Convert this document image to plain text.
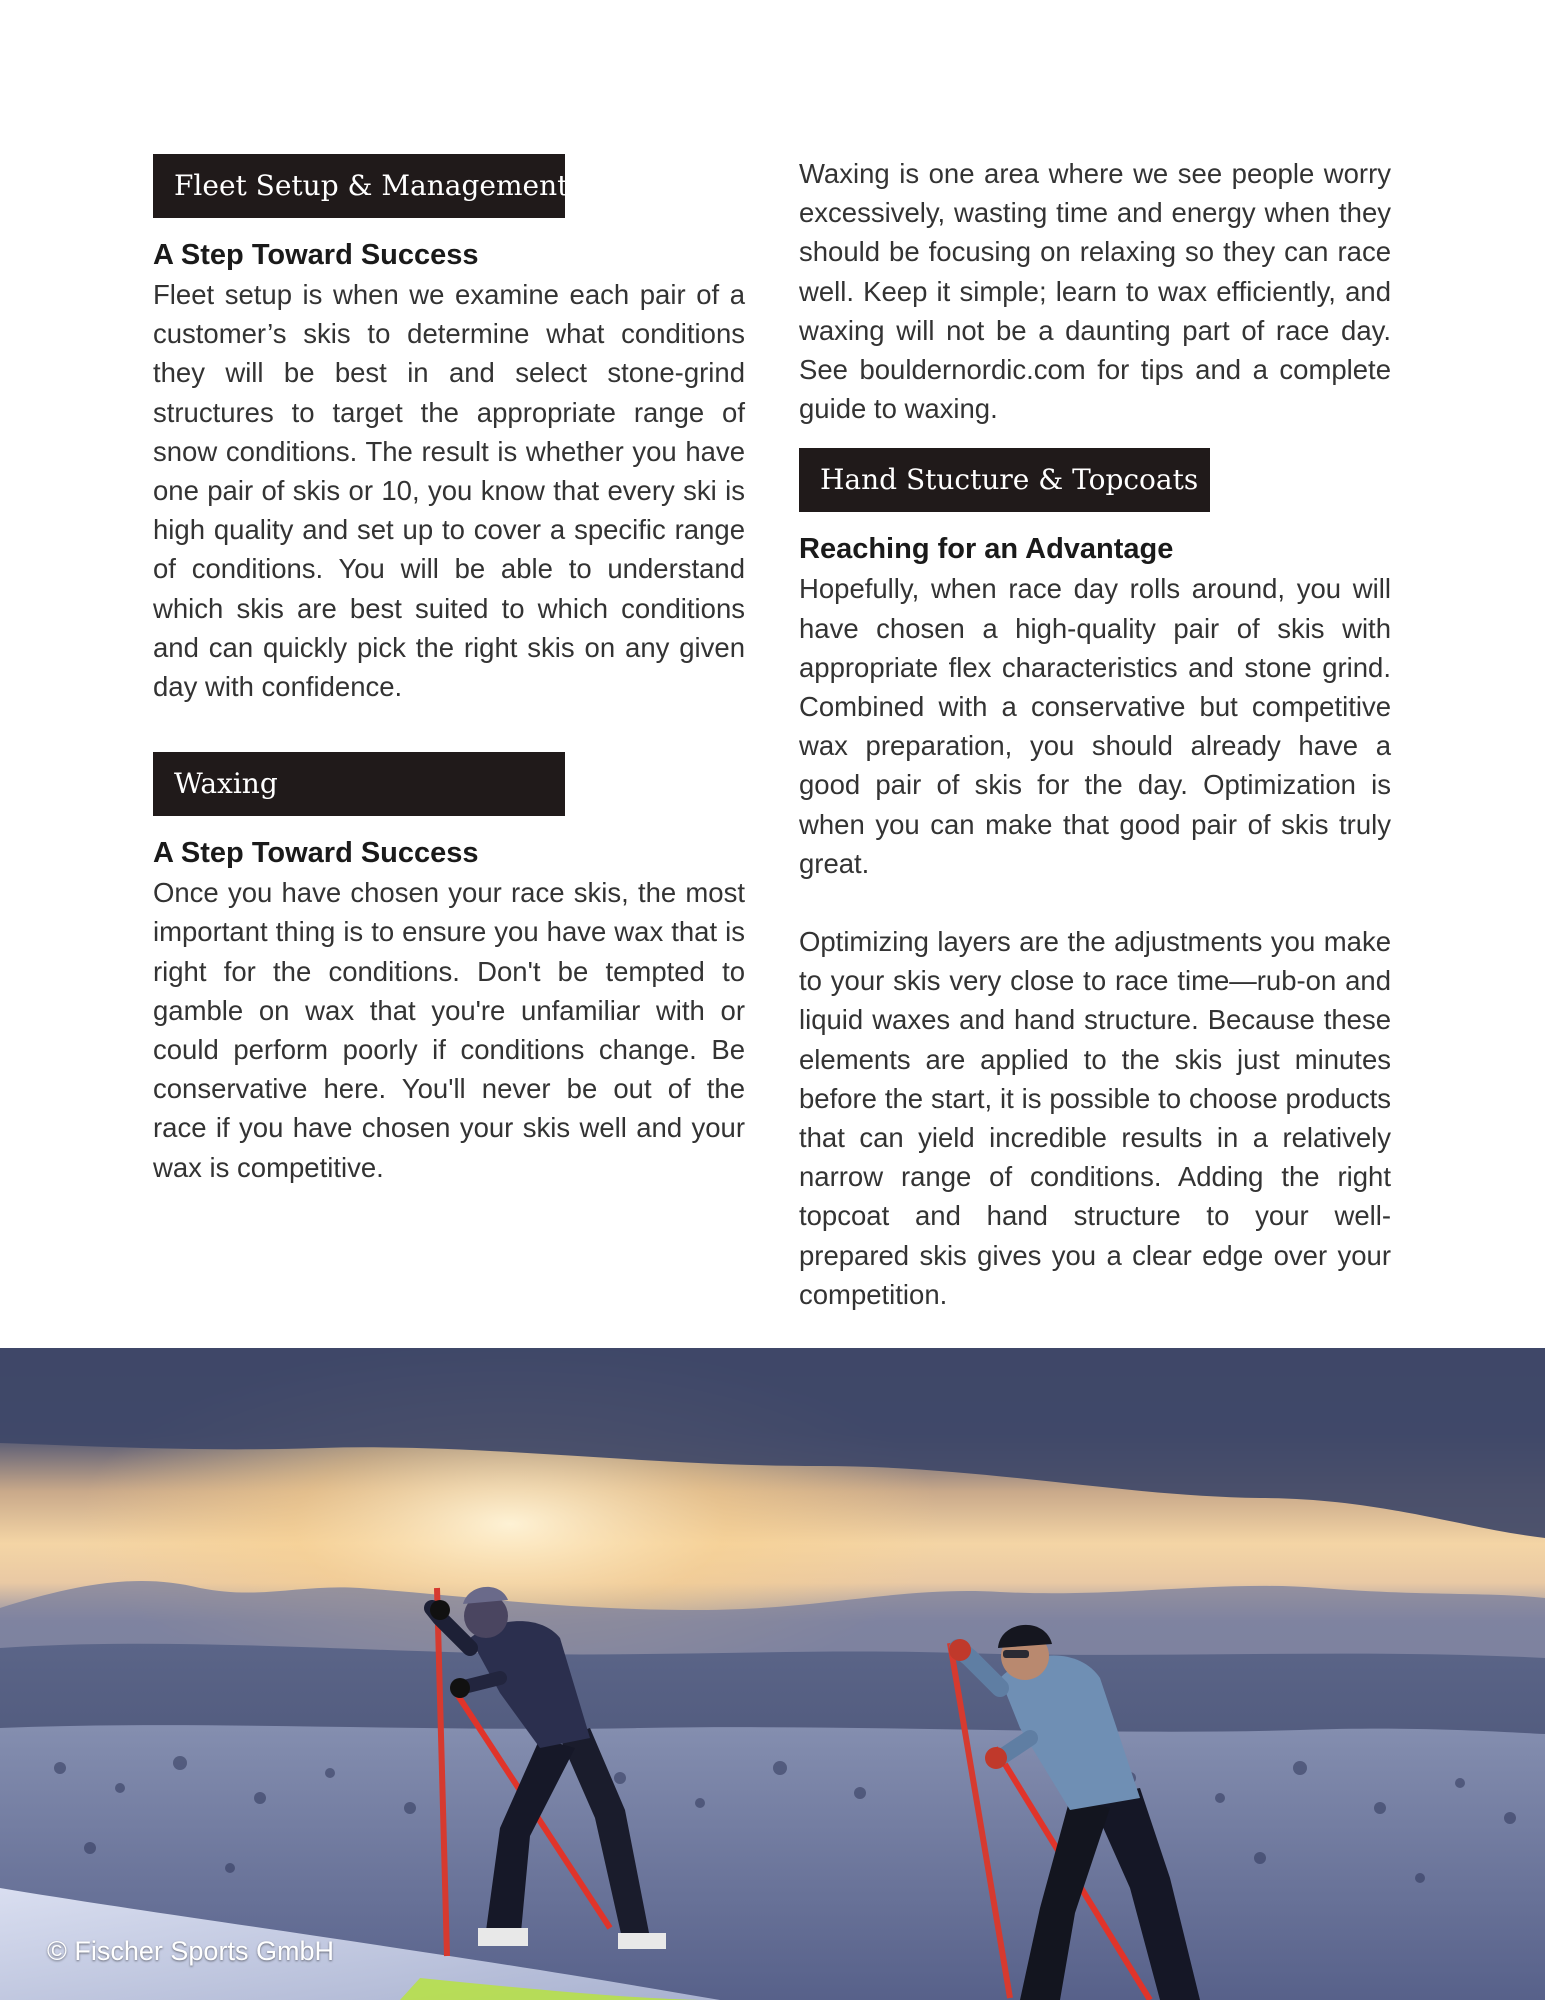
Fleet Setup & Management
A Step Toward Success

Fleet setup is when we examine each pair of a customer’s skis to determine what conditions they will be best in and select stone-grind structures to target the appropriate range of snow conditions. The result is whether you have one pair of skis or 10, you know that every ski is high quality and set up to cover a specific range of conditions. You will be able to understand which skis are best suited to which conditions and can quickly pick the right skis on any given day with confidence.

Waxing
A Step Toward Success

Once you have chosen your race skis, the most important thing is to ensure you have wax that is right for the conditions. Don't be tempted to gamble on wax that you're unfamiliar with or could perform poorly if conditions change. Be conservative here. You'll never be out of the race if you have chosen your skis well and your wax is competitive.

Waxing is one area where we see people worry excessively, wasting time and energy when they should be focusing on relaxing so they can race well. Keep it simple; learn to wax efficiently, and waxing will not be a daunting part of race day. See bouldernordic.com for tips and a complete guide to waxing.

Hand Stucture & Topcoats
Reaching for an Advantage

Hopefully, when race day rolls around, you will have chosen a high-quality pair of skis with appropriate flex characteristics and stone grind. Combined with a conservative but competitive wax preparation, you should already have a good pair of skis for the day. Optimization is when you can make that good pair of skis truly great.

Optimizing layers are the adjustments you make to your skis very close to race time—rub-on and liquid waxes and hand structure. Because these elements are applied to the skis just minutes before the start, it is possible to choose products that can yield incredible results in a relatively narrow range of conditions. Adding the right topcoat and hand structure to your well-prepared skis gives you a clear edge over your competition.

© Fischer Sports GmbH
